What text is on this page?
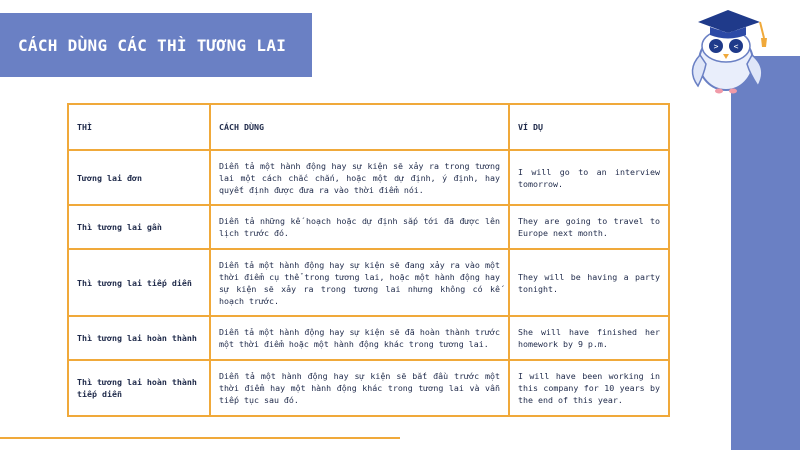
CÁCH DÙNG CÁC THÌ TƯƠNG LAI	> <
THÌ	CÁCH DÙNG	VÍ DỤ
Tương lai đơn	Diễn tả một hành động hay sự kiện sẽ xảy ra trong tương lai một cách chắc chắn, hoặc một dự định, ý định, hay quyết định được đưa ra vào thời điểm nói.	I will go to an interview tomorrow.
Thì tương lai gần	Diễn tả những kế hoạch hoặc dự định sắp tới đã được lên lịch trước đó.	They are going to travel to Europe next month.
Thì tương lai tiếp diễn	Diễn tả một hành động hay sự kiện sẽ đang xảy ra vào một thời điểm cụ thể trong tương lai, hoặc một hành động hay sự kiện sẽ xảy ra trong tương lai nhưng không có kế hoạch trước.	They will be having a party tonight.
Thì tương lai hoàn thành	Diễn tả một hành động hay sự kiện sẽ đã hoàn thành trước một thời điểm hoặc một hành động khác trong tương lai.	She will have finished her homework by 9 p.m.
Thì tương lai hoàn thành tiếp diễn	Diễn tả một hành động hay sự kiện sẽ bắt đầu trước một thời điểm hay một hành động khác trong tương lai và vẫn tiếp tục sau đó.	I will have been working in this company for 10 years by the end of this year.
